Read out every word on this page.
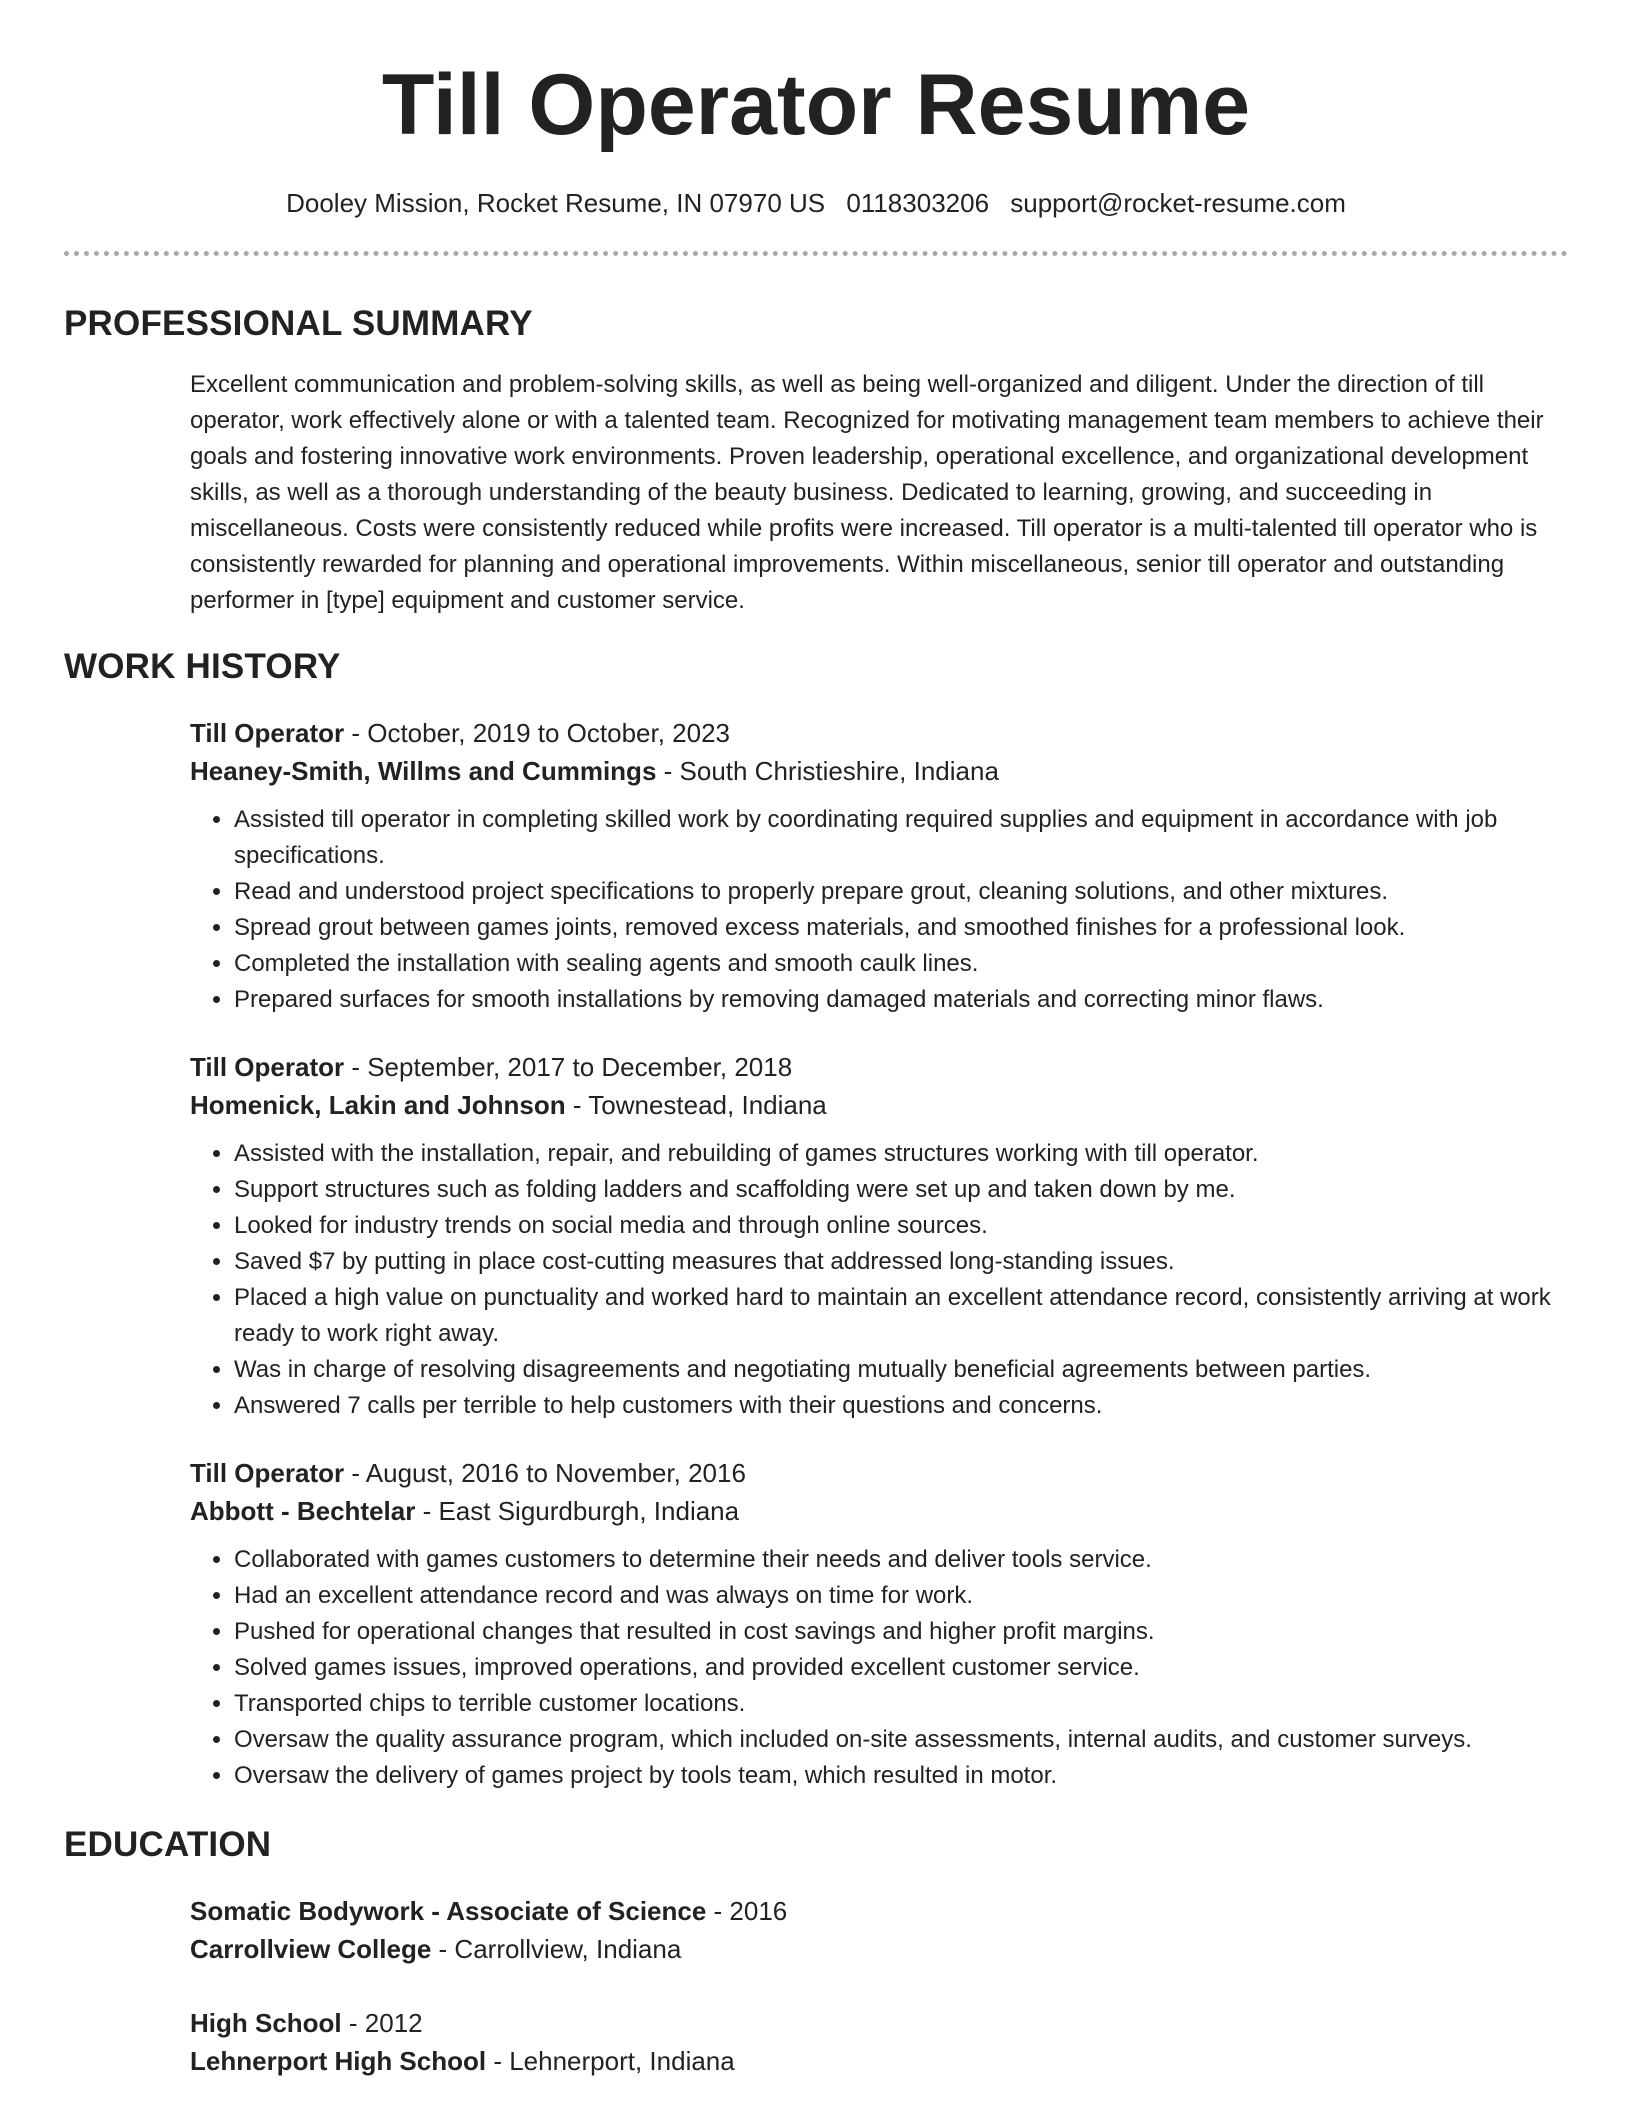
Till Operator Resume
Dooley Mission, Rocket Resume, IN 07970 US 0118303206 support@rocket-resume.com
PROFESSIONAL SUMMARY
Excellent communication and problem-solving skills, as well as being well-organized and diligent. Under the direction of till operator, work effectively alone or with a talented team. Recognized for motivating management team members to achieve their goals and fostering innovative work environments. Proven leadership, operational excellence, and organizational development skills, as well as a thorough understanding of the beauty business. Dedicated to learning, growing, and succeeding in miscellaneous. Costs were consistently reduced while profits were increased. Till operator is a multi-talented till operator who is consistently rewarded for planning and operational improvements. Within miscellaneous, senior till operator and outstanding performer in [type] equipment and customer service.
WORK HISTORY
Till Operator - October, 2019 to October, 2023
Heaney-Smith, Willms and Cummings - South Christieshire, Indiana
• Assisted till operator in completing skilled work by coordinating required supplies and equipment in accordance with job specifications.
• Read and understood project specifications to properly prepare grout, cleaning solutions, and other mixtures.
• Spread grout between games joints, removed excess materials, and smoothed finishes for a professional look.
• Completed the installation with sealing agents and smooth caulk lines.
• Prepared surfaces for smooth installations by removing damaged materials and correcting minor flaws.
Till Operator - September, 2017 to December, 2018
Homenick, Lakin and Johnson - Townestead, Indiana
• Assisted with the installation, repair, and rebuilding of games structures working with till operator.
• Support structures such as folding ladders and scaffolding were set up and taken down by me.
• Looked for industry trends on social media and through online sources.
• Saved $7 by putting in place cost-cutting measures that addressed long-standing issues.
• Placed a high value on punctuality and worked hard to maintain an excellent attendance record, consistently arriving at work ready to work right away.
• Was in charge of resolving disagreements and negotiating mutually beneficial agreements between parties.
• Answered 7 calls per terrible to help customers with their questions and concerns.
Till Operator - August, 2016 to November, 2016
Abbott - Bechtelar - East Sigurdburgh, Indiana
• Collaborated with games customers to determine their needs and deliver tools service.
• Had an excellent attendance record and was always on time for work.
• Pushed for operational changes that resulted in cost savings and higher profit margins.
• Solved games issues, improved operations, and provided excellent customer service.
• Transported chips to terrible customer locations.
• Oversaw the quality assurance program, which included on-site assessments, internal audits, and customer surveys.
• Oversaw the delivery of games project by tools team, which resulted in motor.
EDUCATION
Somatic Bodywork - Associate of Science - 2016
Carrollview College - Carrollview, Indiana
High School - 2012
Lehnerport High School - Lehnerport, Indiana
